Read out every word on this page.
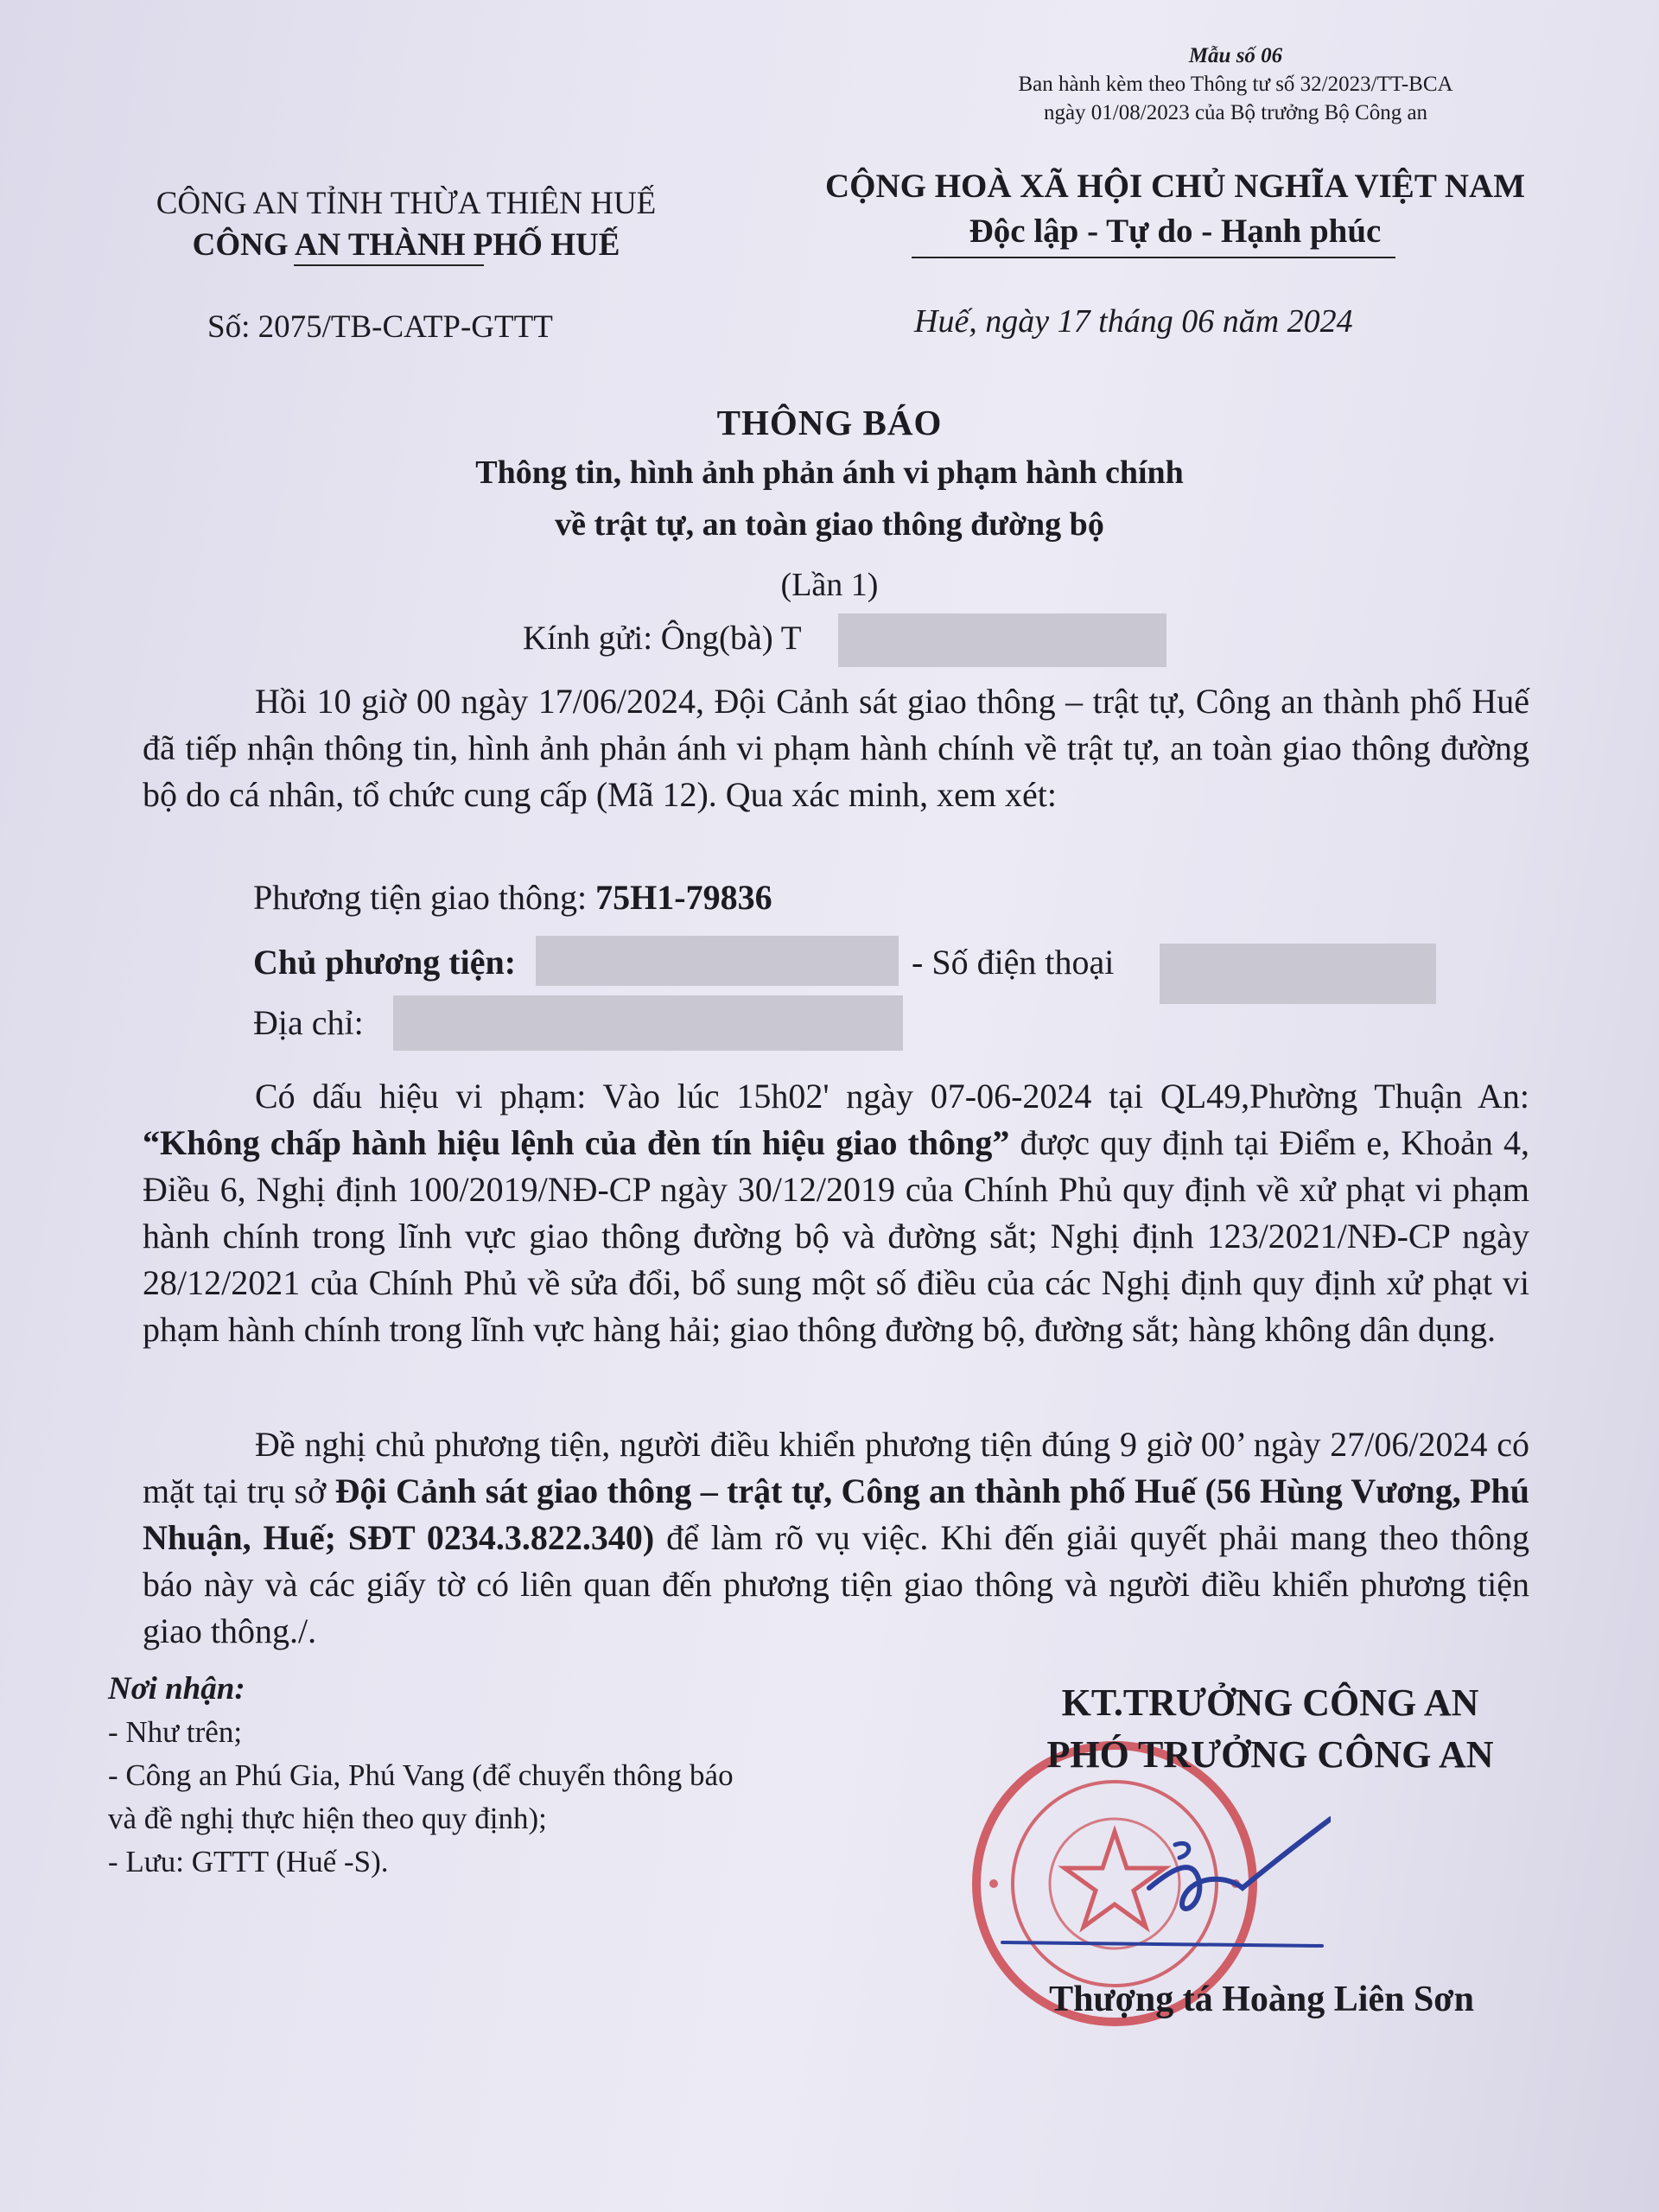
Mẫu số 06
Ban hành kèm theo Thông tư số 32/2023/TT-BCA
ngày 01/08/2023 của Bộ trưởng Bộ Công an
CÔNG AN TỈNH THỪA THIÊN HUẾ
CÔNG AN THÀNH PHỐ HUẾ
CỘNG HOÀ XÃ HỘI CHỦ NGHĨA VIỆT NAM
Độc lập - Tự do - Hạnh phúc
Số: 2075/TB-CATP-GTTT	Huế, ngày 17 tháng 06 năm 2024
THÔNG BÁO
Thông tin, hình ảnh phản ánh vi phạm hành chính
về trật tự, an toàn giao thông đường bộ
(Lần 1)
Kính gửi: Ông(bà) T
Hồi 10 giờ 00 ngày 17/06/2024, Đội Cảnh sát giao thông – trật tự, Công an thành phố Huế đã tiếp nhận thông tin, hình ảnh phản ánh vi phạm hành chính về trật tự, an toàn giao thông đường bộ do cá nhân, tổ chức cung cấp (Mã 12). Qua xác minh, xem xét:
Phương tiện giao thông: 75H1-79836
Chủ phương tiện:	- Số điện thoại
Địa chỉ:
Có dấu hiệu vi phạm: Vào lúc 15h02' ngày 07-06-2024 tại QL49,Phường Thuận An: “Không chấp hành hiệu lệnh của đèn tín hiệu giao thông” được quy định tại Điểm e, Khoản 4, Điều 6, Nghị định 100/2019/NĐ-CP ngày 30/12/2019 của Chính Phủ quy định về xử phạt vi phạm hành chính trong lĩnh vực giao thông đường bộ và đường sắt; Nghị định 123/2021/NĐ-CP ngày 28/12/2021 của Chính Phủ về sửa đổi, bổ sung một số điều của các Nghị định quy định xử phạt vi phạm hành chính trong lĩnh vực hàng hải; giao thông đường bộ, đường sắt; hàng không dân dụng.
Đề nghị chủ phương tiện, người điều khiển phương tiện đúng 9 giờ 00’ ngày 27/06/2024 có mặt tại trụ sở Đội Cảnh sát giao thông – trật tự, Công an thành phố Huế (56 Hùng Vương, Phú Nhuận, Huế; SĐT 0234.3.822.340) để làm rõ vụ việc. Khi đến giải quyết phải mang theo thông báo này và các giấy tờ có liên quan đến phương tiện giao thông và người điều khiển phương tiện giao thông./.
Nơi nhận:
- Như trên;
- Công an Phú Gia, Phú Vang (để chuyển thông báo
và đề nghị thực hiện theo quy định);
- Lưu: GTTT (Huế -S).
KT.TRƯỞNG CÔNG AN
PHÓ TRƯỞNG CÔNG AN
Thượng tá Hoàng Liên Sơn
